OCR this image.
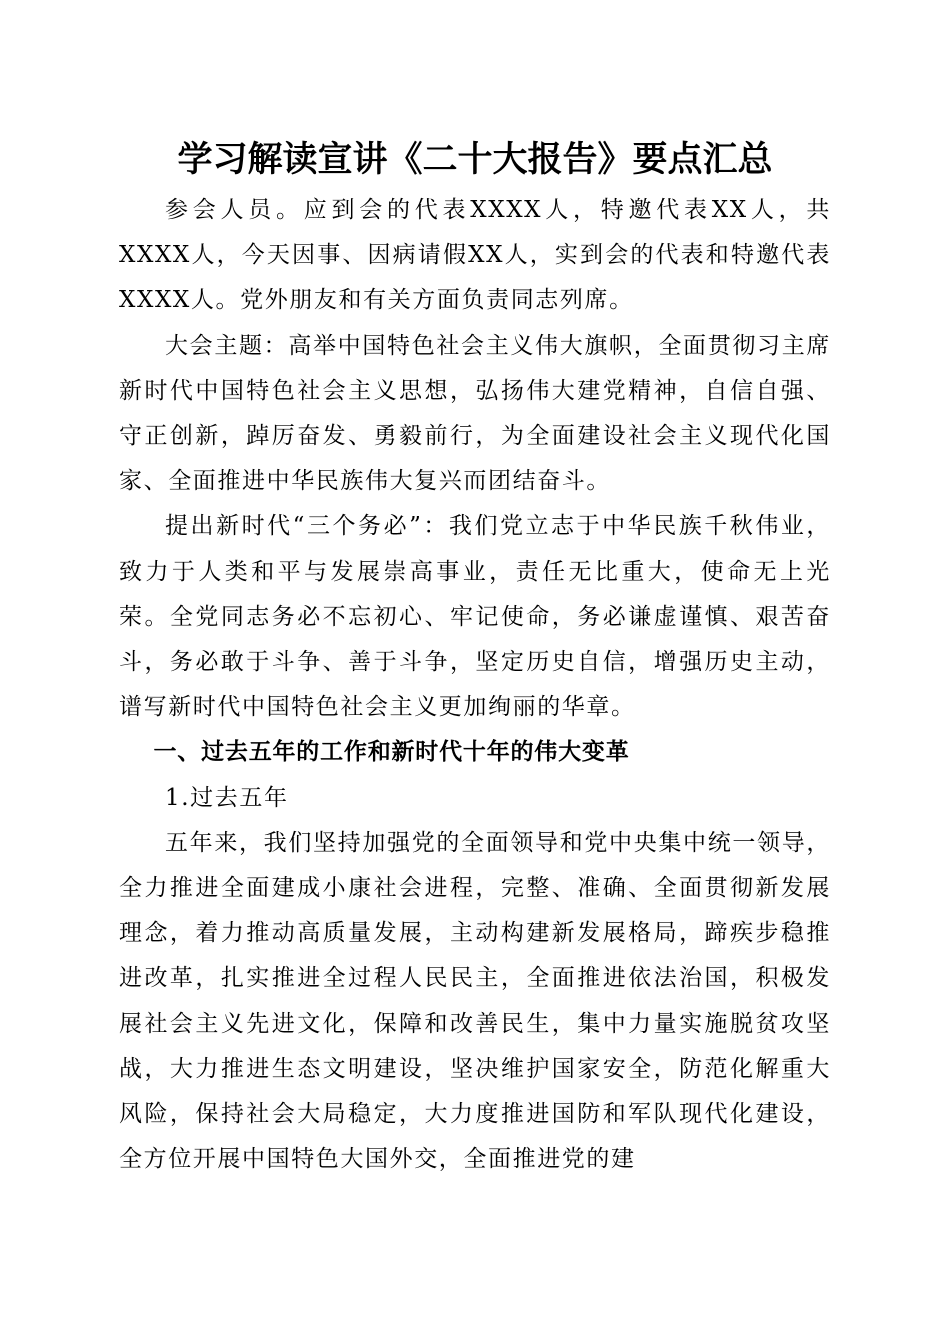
学习解读宣讲《二十大报告》要点汇总

参会人员。应到会的代表XXXX人，特邀代表XX人，共XXXX人，今天因事、因病请假XX人，实到会的代表和特邀代表XXXX人。党外朋友和有关方面负责同志列席。

大会主题：高举中国特色社会主义伟大旗帜，全面贯彻习主席新时代中国特色社会主义思想，弘扬伟大建党精神，自信自强、守正创新，踔厉奋发、勇毅前行，为全面建设社会主义现代化国家、全面推进中华民族伟大复兴而团结奋斗。

提出新时代“三个务必”：我们党立志于中华民族千秋伟业，致力于人类和平与发展崇高事业，责任无比重大，使命无上光荣。全党同志务必不忘初心、牢记使命，务必谦虚谨慎、艰苦奋斗，务必敢于斗争、善于斗争，坚定历史自信，增强历史主动，谱写新时代中国特色社会主义更加绚丽的华章。

一、过去五年的工作和新时代十年的伟大变革

1.过去五年

五年来，我们坚持加强党的全面领导和党中央集中统一领导，全力推进全面建成小康社会进程，完整、准确、全面贯彻新发展理念，着力推动高质量发展，主动构建新发展格局，蹄疾步稳推进改革，扎实推进全过程人民民主，全面推进依法治国，积极发展社会主义先进文化，保障和改善民生，集中力量实施脱贫攻坚战，大力推进生态文明建设，坚决维护国家安全，防范化解重大风险，保持社会大局稳定，大力度推进国防和军队现代化建设，全方位开展中国特色大国外交，全面推进党的建
